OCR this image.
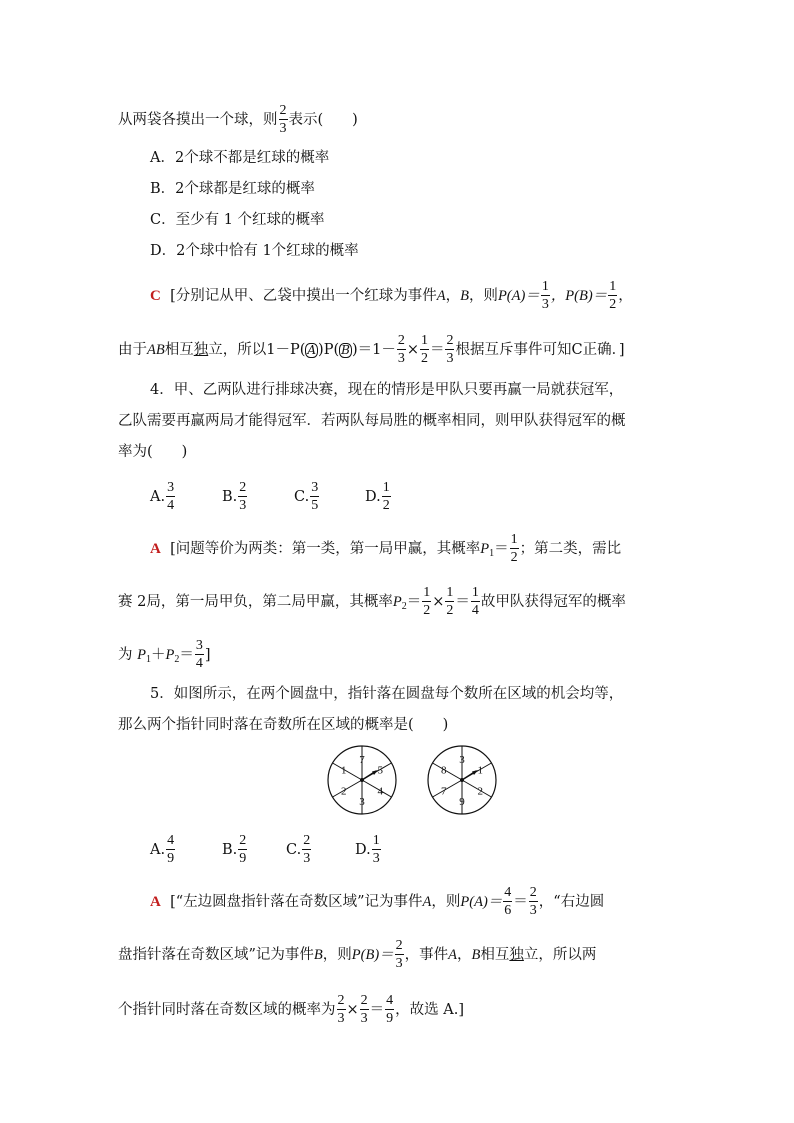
从两袋各摸出一个球，则 $\frac{2}{3}$ 表示(　　)
A．2个球不都是红球的概率
B．2个球都是红球的概率
C．至少有 1 个红球的概率
D．2个球中恰有 1个红球的概率
C [分别记从甲、乙袋中摸出一个红球为事件A，B，则$P(A)= \frac{1}{3}$ ，$P(B)= \frac{1}{2}$ ，
由于AB相互独立，所以1－P( A )P( B )$=1- \frac{2}{3} \times \frac{1}{2} = \frac{2}{3}$ 根据互斥事件可知C正确．]
4．甲、乙两队进行排球决赛，现在的情形是甲队只要再赢一局就获冠军，
乙队需要再赢两局才能得冠军．若两队每局胜的概率相同，则甲队获得冠军的概
率为(　　)
A. $\frac{3}{4}$	B. $\frac{2}{3}$	C. $\frac{3}{5}$	D. $\frac{1}{2}$
A [问题等价为两类：第一类，第一局甲赢，其概率$P_1= \frac{1}{2}$ ；第二类，需比
赛 2局，第一局甲负，第二局甲赢，其概率$P_2= \frac{1}{2} \times \frac{1}{2} = \frac{1}{4}$ 故甲队获得冠军的概率
为 $P_1+P_2= \frac{3}{4}$ ]
5．如图所示，在两个圆盘中，指针落在圆盘每个数所在区域的机会均等，
那么两个指针同时落在奇数所在区域的概率是(　　)
1
7
5
4
3
2
8
3
1
2
9
7
A. $\frac{4}{9}$	B. $\frac{2}{9}$	C. $\frac{2}{3}$	D. $\frac{1}{3}$
A [“左边圆盘指针落在奇数区域”记为事件A，则$P(A)= \frac{4}{6} = \frac{2}{3}$ ，“右边圆
盘指针落在奇数区域”记为事件B，则$P(B)= \frac{2}{3}$ ，事件A，B相互独立，所以两
个指针同时落在奇数区域的概率为 $\frac{2}{3} \times \frac{2}{3} = \frac{4}{9}$ ，故选 A.]
